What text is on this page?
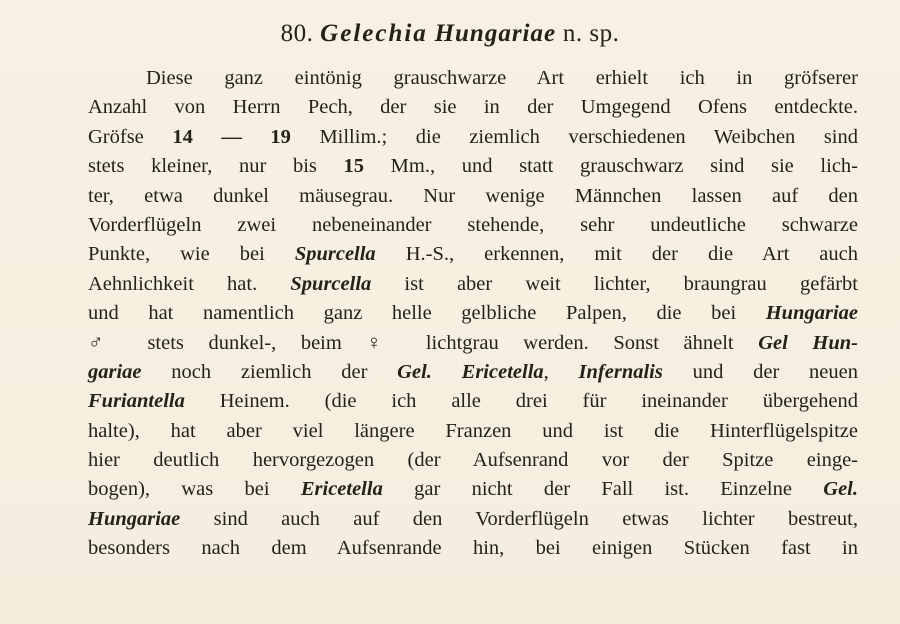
80. Gelechia Hungariae n. sp.
Diese ganz eintönig grauschwarze Art erhielt ich in gröfserer
Anzahl von Herrn Pech, der sie in der Umgegend Ofens entdeckte.
Gröfse 14 — 19 Millim.; die ziemlich verschiedenen Weibchen sind
stets kleiner, nur bis 15 Mm., und statt grauschwarz sind sie lich-
ter, etwa dunkel mäusegrau. Nur wenige Männchen lassen auf den
Vorderflügeln zwei nebeneinander stehende, sehr undeutliche schwarze
Punkte, wie bei Spurcella H.-S., erkennen, mit der die Art auch
Aehnlichkeit hat. Spurcella ist aber weit lichter, braungrau gefärbt
und hat namentlich ganz helle gelbliche Palpen, die bei Hungariae
♂ stets dunkel-, beim ♀ lichtgrau werden. Sonst ähnelt Gel Hun-
gariae noch ziemlich der Gel. Ericetella, Infernalis und der neuen
Furiantella Heinem. (die ich alle drei für ineinander übergehend
halte), hat aber viel längere Franzen und ist die Hinterflügelspitze
hier deutlich hervorgezogen (der Aufsenrand vor der Spitze einge-
bogen), was bei Ericetella gar nicht der Fall ist. Einzelne Gel.
Hungariae sind auch auf den Vorderflügeln etwas lichter bestreut,
besonders nach dem Aufsenrande hin, bei einigen Stücken fast in
